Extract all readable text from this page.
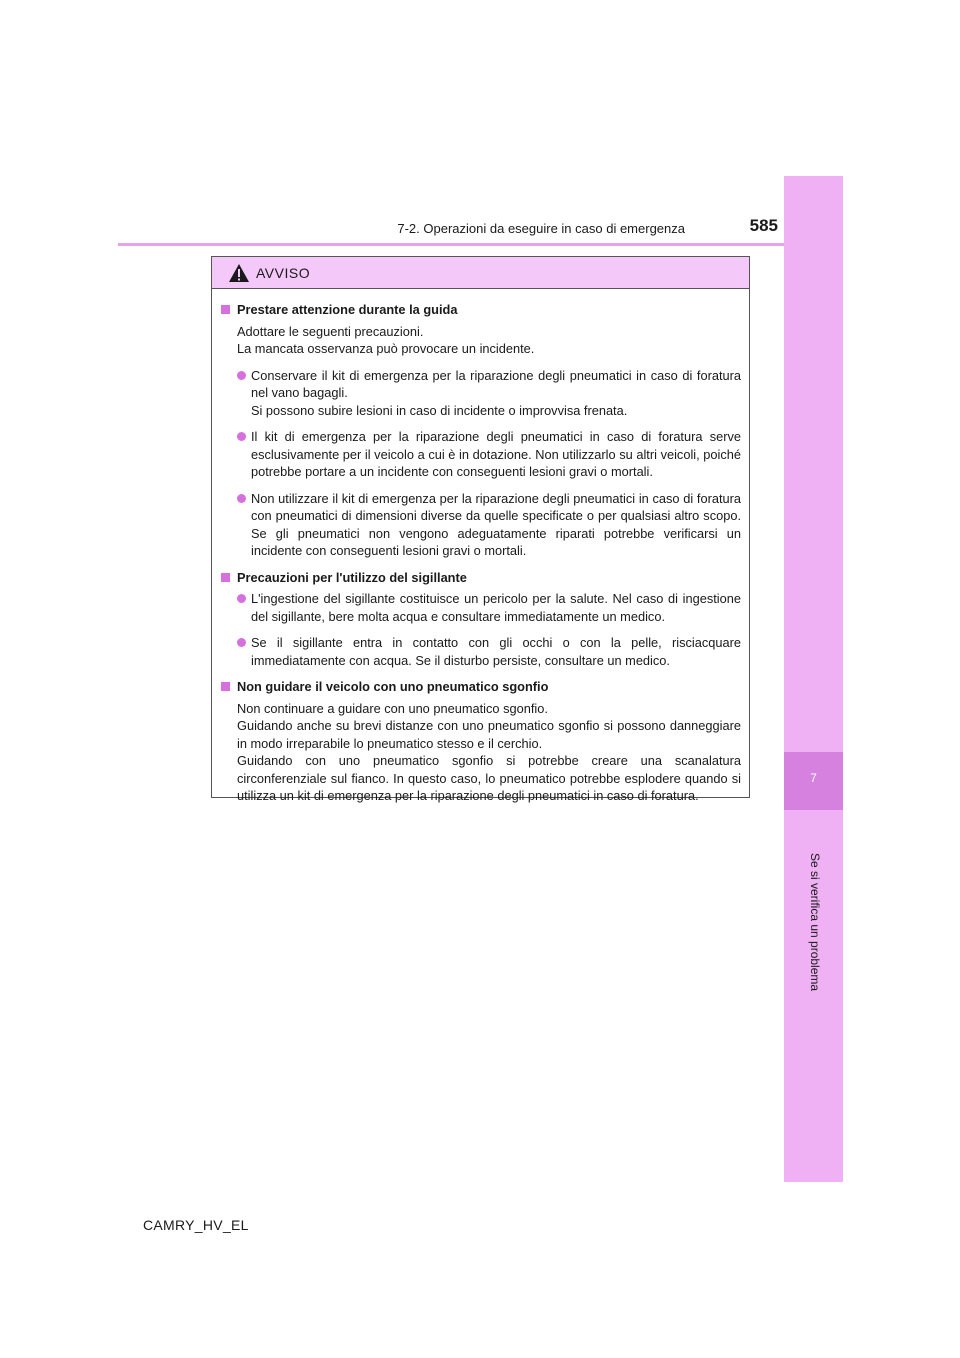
7-2. Operazioni da eseguire in caso di emergenza	585
7
Se si verifica un problema
AVVISO
Prestare attenzione durante la guida
Adottare le seguenti precauzioni.
La mancata osservanza può provocare un incidente.
Conservare il kit di emergenza per la riparazione degli pneumatici in caso di foratura nel vano bagagli.
Si possono subire lesioni in caso di incidente o improvvisa frenata.
Il kit di emergenza per la riparazione degli pneumatici in caso di foratura serve esclusivamente per il veicolo a cui è in dotazione. Non utilizzarlo su altri veicoli, poiché potrebbe portare a un incidente con conseguenti lesioni gravi o mortali.
Non utilizzare il kit di emergenza per la riparazione degli pneumatici in caso di foratura con pneumatici di dimensioni diverse da quelle specificate o per qualsiasi altro scopo. Se gli pneumatici non vengono adeguatamente riparati potrebbe verificarsi un incidente con conseguenti lesioni gravi o mortali.
Precauzioni per l'utilizzo del sigillante
L'ingestione del sigillante costituisce un pericolo per la salute. Nel caso di ingestione del sigillante, bere molta acqua e consultare immediatamente un medico.
Se il sigillante entra in contatto con gli occhi o con la pelle, risciacquare immediatamente con acqua. Se il disturbo persiste, consultare un medico.
Non guidare il veicolo con uno pneumatico sgonfio
Non continuare a guidare con uno pneumatico sgonfio.
Guidando anche su brevi distanze con uno pneumatico sgonfio si possono danneggiare in modo irreparabile lo pneumatico stesso e il cerchio.
Guidando con uno pneumatico sgonfio si potrebbe creare una scanalatura circonferenziale sul fianco. In questo caso, lo pneumatico potrebbe esplodere quando si utilizza un kit di emergenza per la riparazione degli pneumatici in caso di foratura.
CAMRY_HV_EL
